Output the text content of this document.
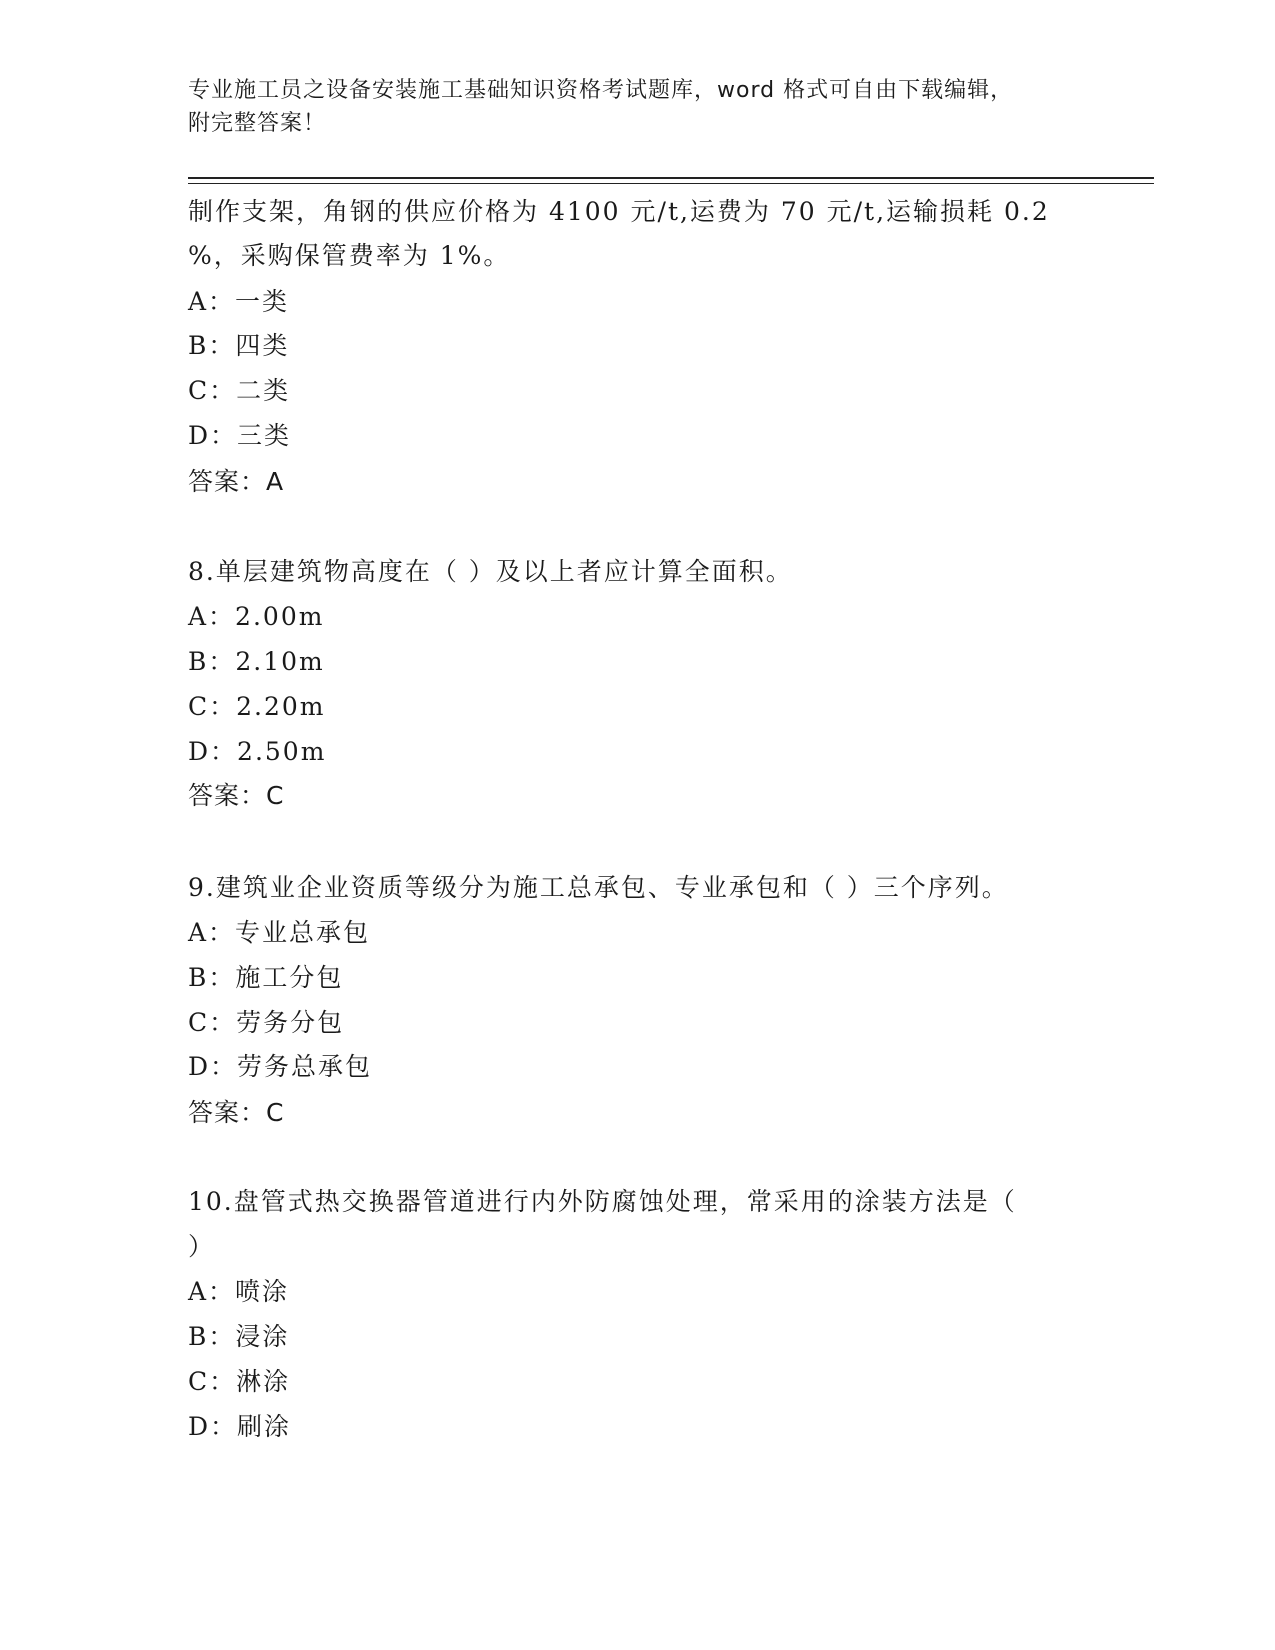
专业施工员之设备安装施工基础知识资格考试题库，word 格式可自由下载编辑，
附完整答案！
制作支架，角钢的供应价格为 4100 元/t,运费为 70 元/t,运输损耗 0.2
%，采购保管费率为 1%。
A：一类
B：四类
C：二类
D：三类
答案：A
8.单层建筑物高度在（ ）及以上者应计算全面积。
A：2.00m
B：2.10m
C：2.20m
D：2.50m
答案：C
9.建筑业企业资质等级分为施工总承包、专业承包和（ ）三个序列。
A：专业总承包
B：施工分包
C：劳务分包
D：劳务总承包
答案：C
10.盘管式热交换器管道进行内外防腐蚀处理，常采用的涂装方法是（
）
A：喷涂
B：浸涂
C：淋涂
D：刷涂
